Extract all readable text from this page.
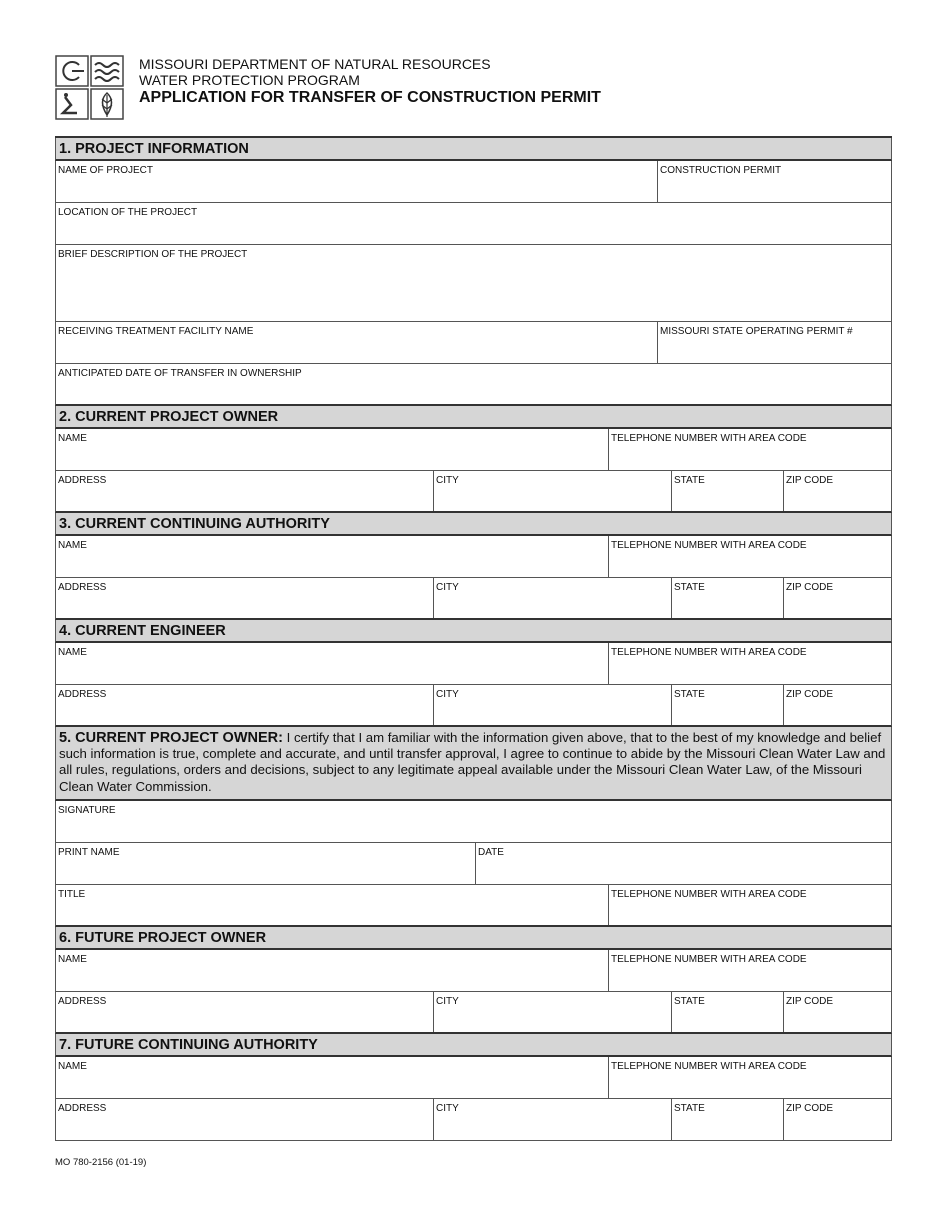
MISSOURI DEPARTMENT OF NATURAL RESOURCES
WATER PROTECTION PROGRAM
APPLICATION FOR TRANSFER OF CONSTRUCTION PERMIT
1. PROJECT INFORMATION
NAME OF PROJECT	CONSTRUCTION PERMIT
LOCATION OF THE PROJECT
BRIEF DESCRIPTION OF THE PROJECT
RECEIVING TREATMENT FACILITY NAME	MISSOURI STATE OPERATING PERMIT #
ANTICIPATED DATE OF TRANSFER IN OWNERSHIP
2. CURRENT PROJECT OWNER
NAME	TELEPHONE NUMBER WITH AREA CODE
ADDRESS	CITY	STATE	ZIP CODE
3. CURRENT CONTINUING AUTHORITY
NAME	TELEPHONE NUMBER WITH AREA CODE
ADDRESS	CITY	STATE	ZIP CODE
4. CURRENT ENGINEER
NAME	TELEPHONE NUMBER WITH AREA CODE
ADDRESS	CITY	STATE	ZIP CODE
5. CURRENT PROJECT OWNER: I certify that I am familiar with the information given above, that to the best of my knowledge and belief such information is true, complete and accurate, and until transfer approval, I agree to continue to abide by the Missouri Clean Water Law and all rules, regulations, orders and decisions, subject to any legitimate appeal available under the Missouri Clean Water Law, of the Missouri Clean Water Commission.
SIGNATURE
PRINT NAME	DATE
TITLE	TELEPHONE NUMBER WITH AREA CODE
6. FUTURE PROJECT OWNER
NAME	TELEPHONE NUMBER WITH AREA CODE
ADDRESS	CITY	STATE	ZIP CODE
7. FUTURE CONTINUING AUTHORITY
NAME	TELEPHONE NUMBER WITH AREA CODE
ADDRESS	CITY	STATE	ZIP CODE
MO 780-2156 (01-19)
